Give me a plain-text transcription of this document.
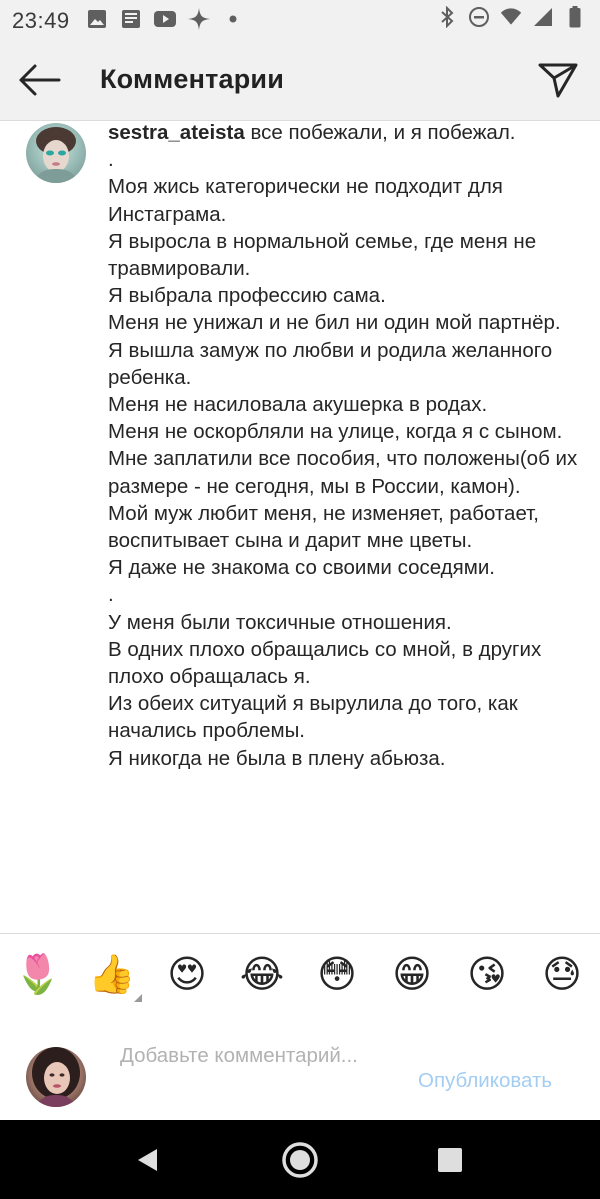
23:49
Комментарии
sestra_ateista все побежали, и я побежал.
.
Моя жись категорически не подходит для Инстаграма.
Я выросла в нормальной семье, где меня не травмировали.
Я выбрала профессию сама.
Меня не унижал и не бил ни один мой партнёр.
Я вышла замуж по любви и родила желанного ребенка.
Меня не насиловала акушерка в родах.
Меня не оскорбляли на улице, когда я с сыном.
Мне заплатили все пособия, что положены(об их размере - не сегодня, мы в России, камон).
Мой муж любит меня, не изменяет, работает, воспитывает сына и дарит мне цветы.
Я даже не знакома со своими соседями.
.
У меня были токсичные отношения.
В одних плохо обращались со мной, в других плохо обращалась я.
Из обеих ситуаций я вырулила до того, как начались проблемы.
Я никогда не была в плену абьюза.
🌷 👍 😍 😂 😳 😁 😘 😓
Добавьте комментарий...
Опубликовать
